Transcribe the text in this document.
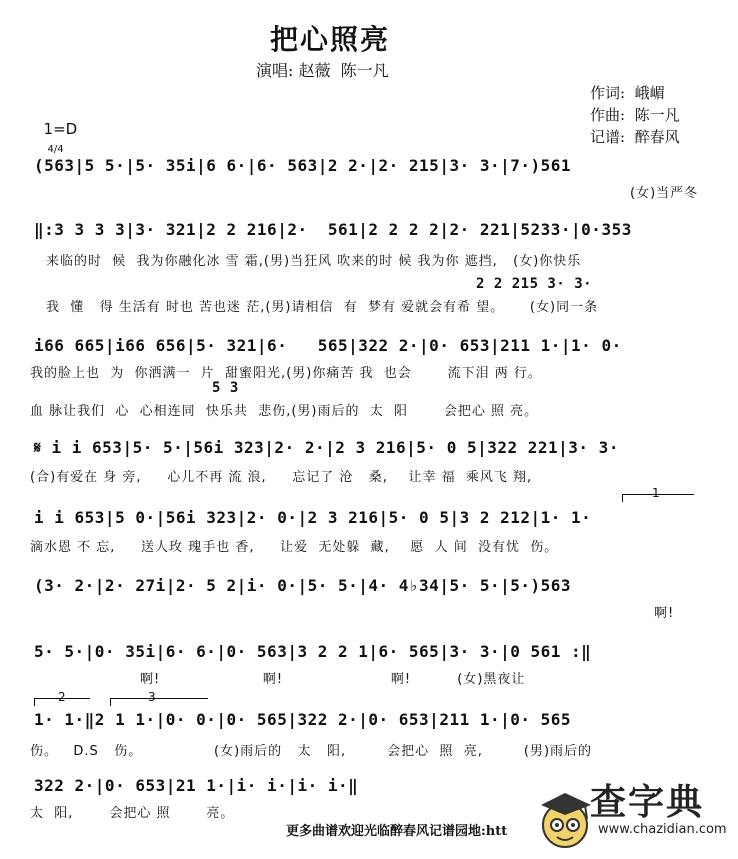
把心照亮
演唱: 赵薇  陈一凡
作词:  峨嵋
作曲:  陈一凡
记谱:  醉春风

1=D
4/4

(563|5 5·|5· 35i|6 6·|6· 563|2 2·|2· 215|3· 3·|7·)561
(女)当严冬
‖:3 3 3 3|3· 321|2 2 216|2·  561|2 2 2 2|2· 221|5233·|0·353
来临的时  候  我为你融化冰 雪 霜,(男)当狂风 吹来的时 候 我为你 遮挡,   (女)你快乐
2 2 215 3· 3·
我  懂   得 生活有 时也 苦也迷 茫,(男)请相信  有  梦有 爱就会有希 望。     (女)同一条
i66 665|i66 656|5· 321|6·   565|322 2·|0· 653|211 1·|1· 0·
我的脸上也  为  你洒满一  片  甜蜜阳光,(男)你痛苦 我  也会       流下泪 两 行。
5 3
血 脉让我们  心  心相连同  快乐共  悲伤,(男)雨后的  太  阳       会把心 照 亮。
𝄋 i i 653|5· 5·|56i 323|2· 2·|2 3 216|5· 0 5|322 221|3· 3·
(合)有爱在 身 旁,     心儿不再 流 浪,     忘记了 沧   桑,    让幸 福  乘风飞 翔,
1
i i 653|5 0·|56i 323|2· 0·|2 3 216|5· 0 5|3 2 212|1· 1·
滴水恩 不 忘,     送人玫 瑰手也 香,     让爱  无处躲  藏,    愿  人 间  没有忧  伤。
(3· 2·|2· 27i|2· 5 2|i· 0·|5· 5·|4· 4♭34|5· 5·|5·)563
啊!
5· 5·|0· 35i|6· 6·|0· 563|3 2 2 1|6· 565|3· 3·|0 561 :‖
啊!                    啊!                     啊!         (女)黑夜让
2	3
1· 1·‖2 1 1·|0· 0·|0· 565|322 2·|0· 653|211 1·|0· 565
伤。   D.S   伤。              (女)雨后的   太   阳,        会把心  照  亮,        (男)雨后的
322 2·|0· 653|21 1·|i· i·|i· i·‖
太  阳,       会把心 照       亮。
更多曲谱欢迎光临醉春风记谱园地:htt

查字典
www.chazidian.com
